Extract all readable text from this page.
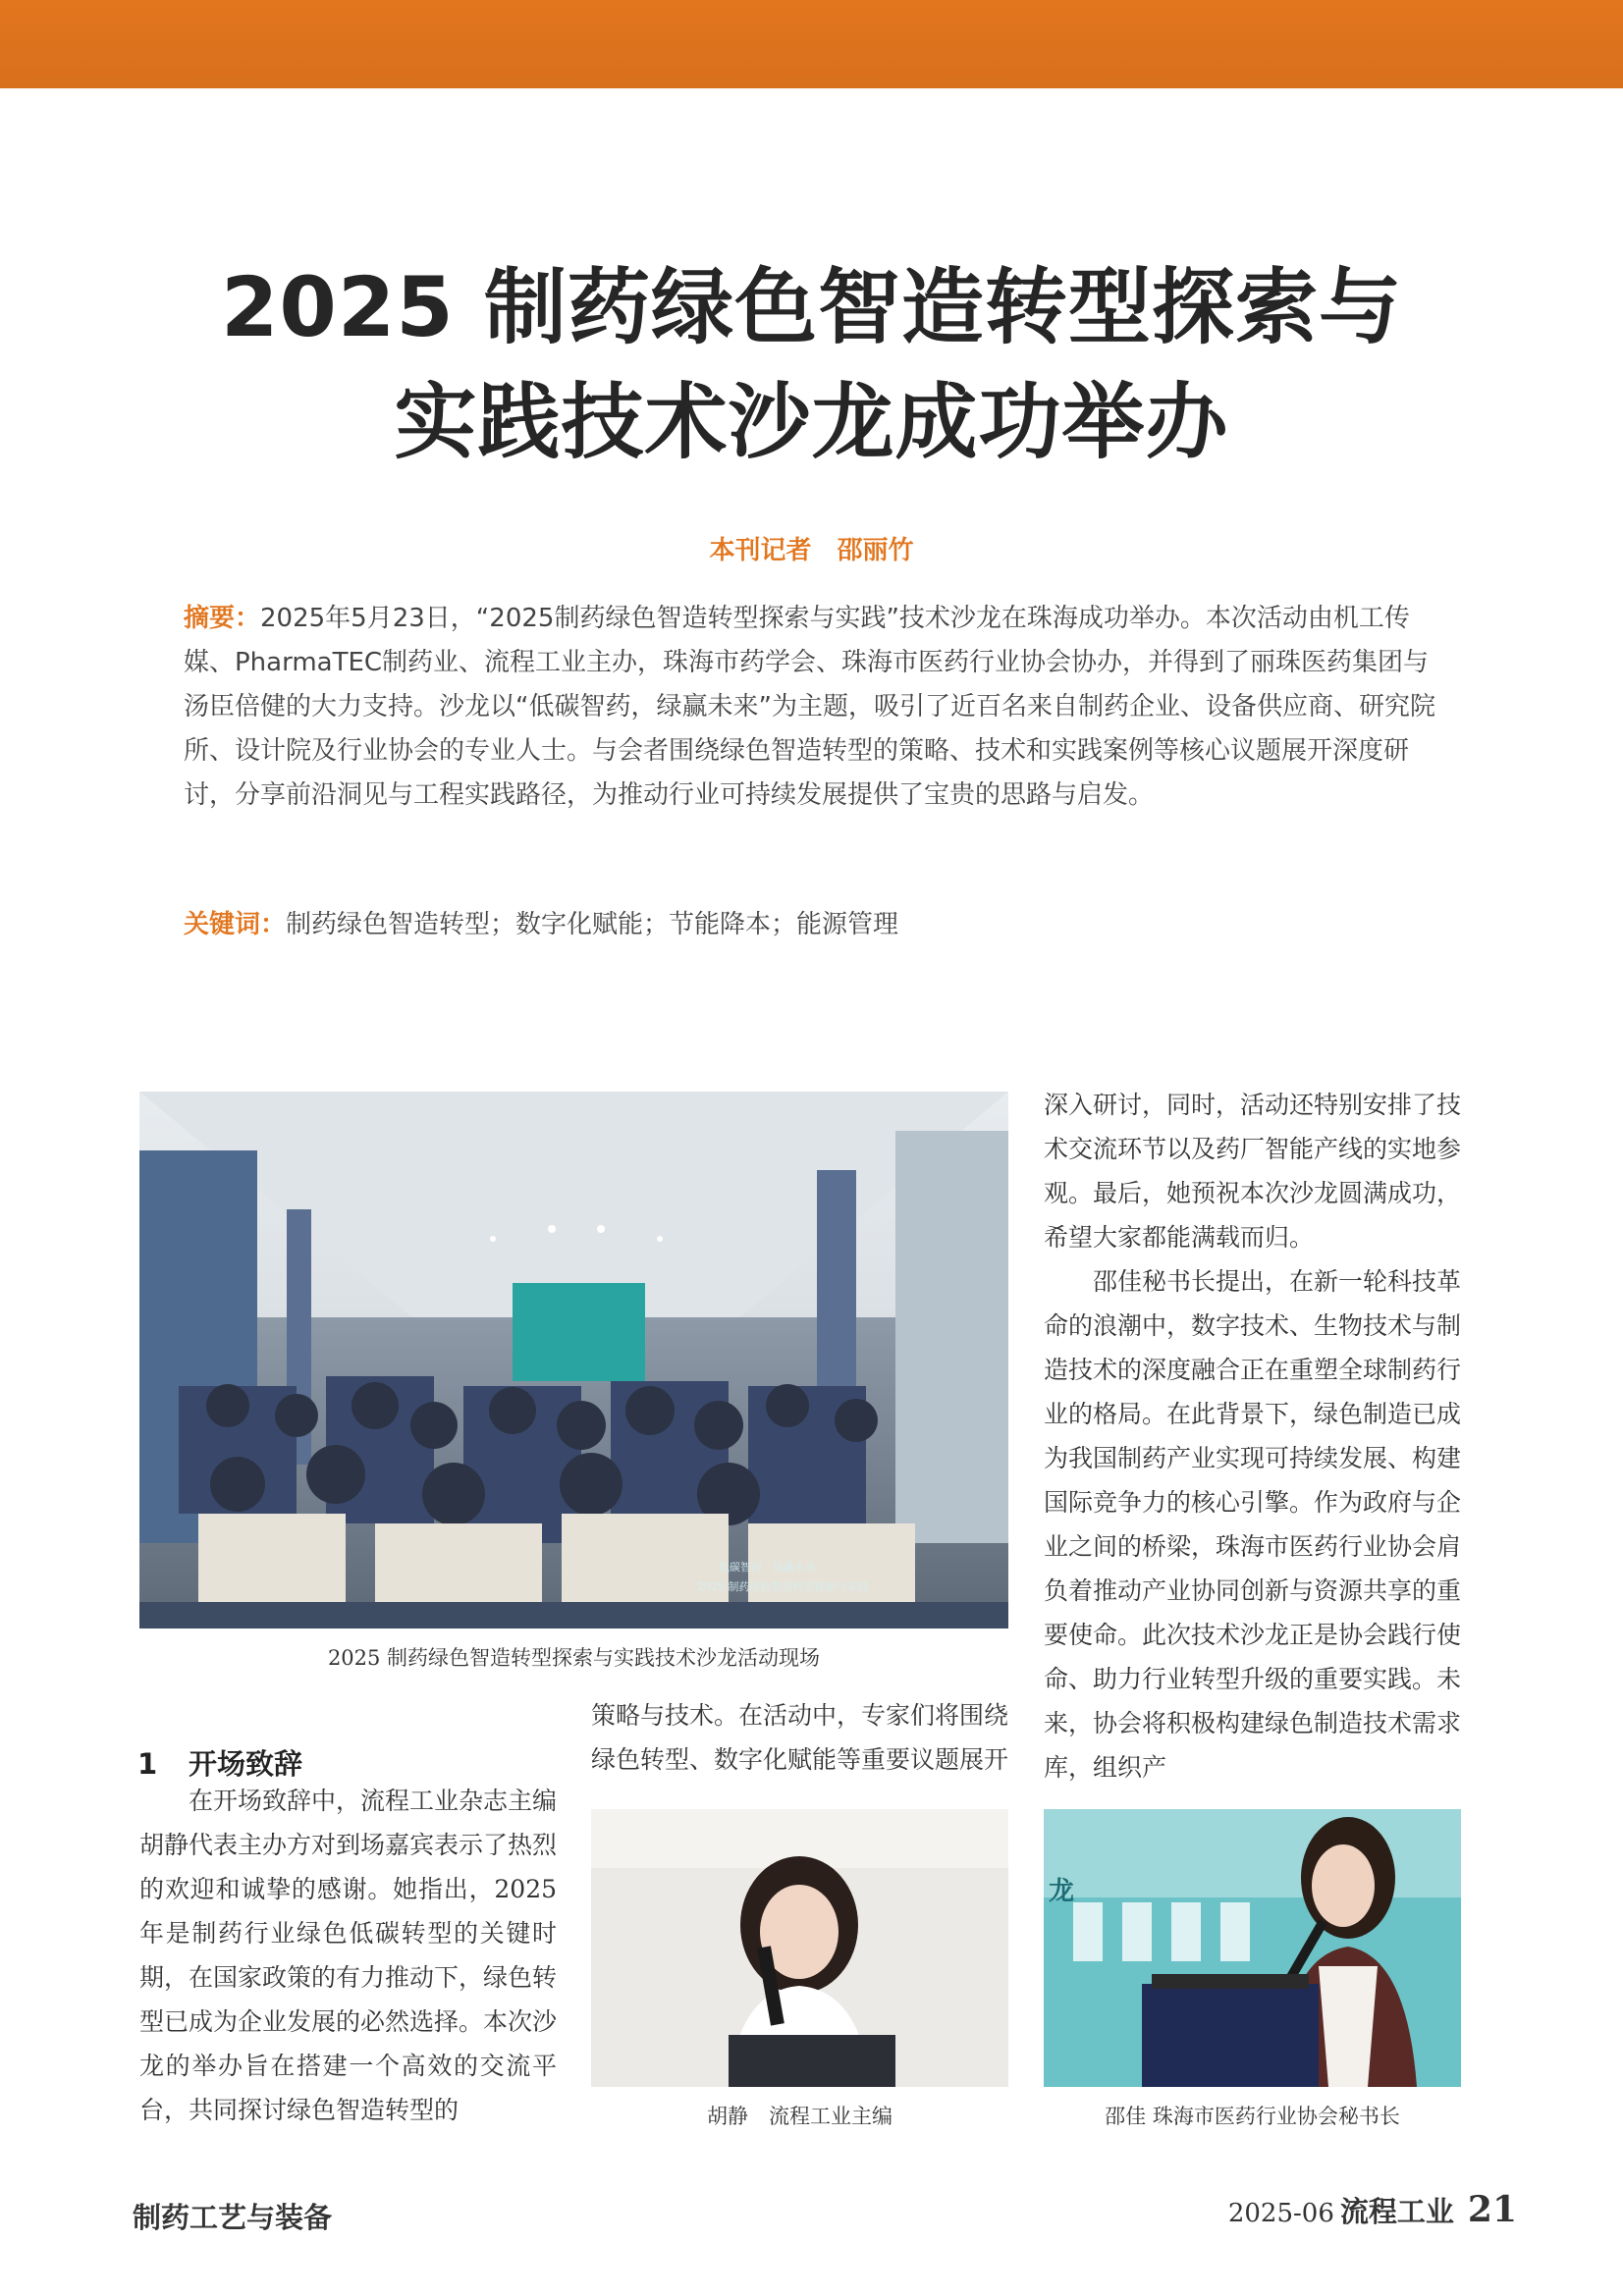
2025 制药绿色智造转型探索与
实践技术沙龙成功举办
本刊记者　邵丽竹
摘要：2025年5月23日，“2025制药绿色智造转型探索与实践”技术沙龙在珠海成功举办。本次活动由机工传媒、PharmaTEC制药业、流程工业主办，珠海市药学会、珠海市医药行业协会协办，并得到了丽珠医药集团与汤臣倍健的大力支持。沙龙以“低碳智药，绿赢未来”为主题，吸引了近百名来自制药企业、设备供应商、研究院所、设计院及行业协会的专业人士。与会者围绕绿色智造转型的策略、技术和实践案例等核心议题展开深度研讨，分享前沿洞见与工程实践路径，为推动行业可持续发展提供了宝贵的思路与启发。
关键词：制药绿色智造转型；数字化赋能；节能降本；能源管理
低碳智药　绿赢未来
2025 制药绿色智造转型探索与实践
2025 制药绿色智造转型探索与实践技术沙龙活动现场
1 开场致辞

在开场致辞中，流程工业杂志主编胡静代表主办方对到场嘉宾表示了热烈的欢迎和诚挚的感谢。她指出，2025 年是制药行业绿色低碳转型的关键时期，在国家政策的有力推动下，绿色转型已成为企业发展的必然选择。本次沙龙的举办旨在搭建一个高效的交流平台，共同探讨绿色智造转型的

策略与技术。在活动中，专家们将围绕绿色转型、数字化赋能等重要议题展开

胡静　流程工业主编

深入研讨，同时，活动还特别安排了技术交流环节以及药厂智能产线的实地参观。最后，她预祝本次沙龙圆满成功，希望大家都能满载而归。

邵佳秘书长提出，在新一轮科技革命的浪潮中，数字技术、生物技术与制造技术的深度融合正在重塑全球制药行业的格局。在此背景下，绿色制造已成为我国制药产业实现可持续发展、构建国际竞争力的核心引擎。作为政府与企业之间的桥梁，珠海市医药行业协会肩负着推动产业协同创新与资源共享的重要使命。此次技术沙龙正是协会践行使命、助力行业转型升级的重要实践。未来，协会将积极构建绿色制造技术需求库，组织产

龙
邵佳 珠海市医药行业协会秘书长
制药工艺与装备	2025-06 流程工业 21
